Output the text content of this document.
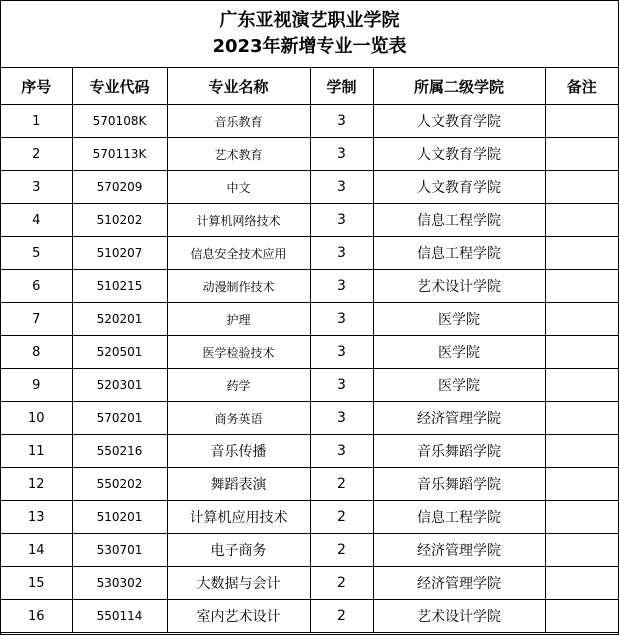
广东亚视演艺职业学院
2023年新增专业一览表
序号	专业代码	专业名称	学制	所属二级学院	备注
1	570108K	音乐教育	3	人文教育学院	
2	570113K	艺术教育	3	人文教育学院	
3	570209	中文	3	人文教育学院	
4	510202	计算机网络技术	3	信息工程学院	
5	510207	信息安全技术应用	3	信息工程学院	
6	510215	动漫制作技术	3	艺术设计学院	
7	520201	护理	3	医学院	
8	520501	医学检验技术	3	医学院	
9	520301	药学	3	医学院	
10	570201	商务英语	3	经济管理学院	
11	550216	音乐传播	3	音乐舞蹈学院	
12	550202	舞蹈表演	2	音乐舞蹈学院	
13	510201	计算机应用技术	2	信息工程学院	
14	530701	电子商务	2	经济管理学院	
15	530302	大数据与会计	2	经济管理学院	
16	550114	室内艺术设计	2	艺术设计学院	
